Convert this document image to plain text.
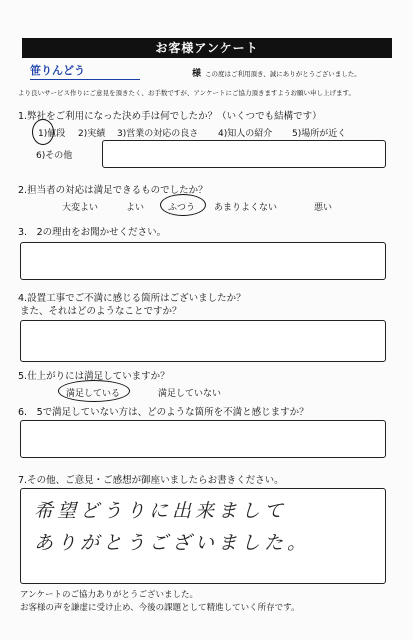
お客様アンケート
笹りんどう	様 この度はご利用頂き、誠にありがとうございました。
より良いサービス作りにご意見を頂きたく、お手数ですが、アンケートにご協力頂きますようお願い申し上げます。
1.弊社をご利用になった決め手は何でしたか？（いくつでも結構です）
1)値段 2)実績 3)営業の対応の良さ 4)知人の紹介 5)場所が近く
6)その他
2.担当者の対応は満足できるものでしたか？
大変よい	よい	ふつう あまりよくない	悪い
3.　2の理由をお聞かせください。
4.設置工事でご不満に感じる箇所はございましたか？
また、それはどのようなことですか？
5.仕上がりには満足していますか？
満足している	満足していない
6.　5で満足していない方は、どのような箇所を不満と感じますか？
7.その他、ご意見・ご感想が御座いましたらお書きください。
希望どうりに出来まして
ありがとうございました。
アンケートのご協力ありがとうございました。
お客様の声を謙虚に受け止め、今後の課題として精進していく所存です。
